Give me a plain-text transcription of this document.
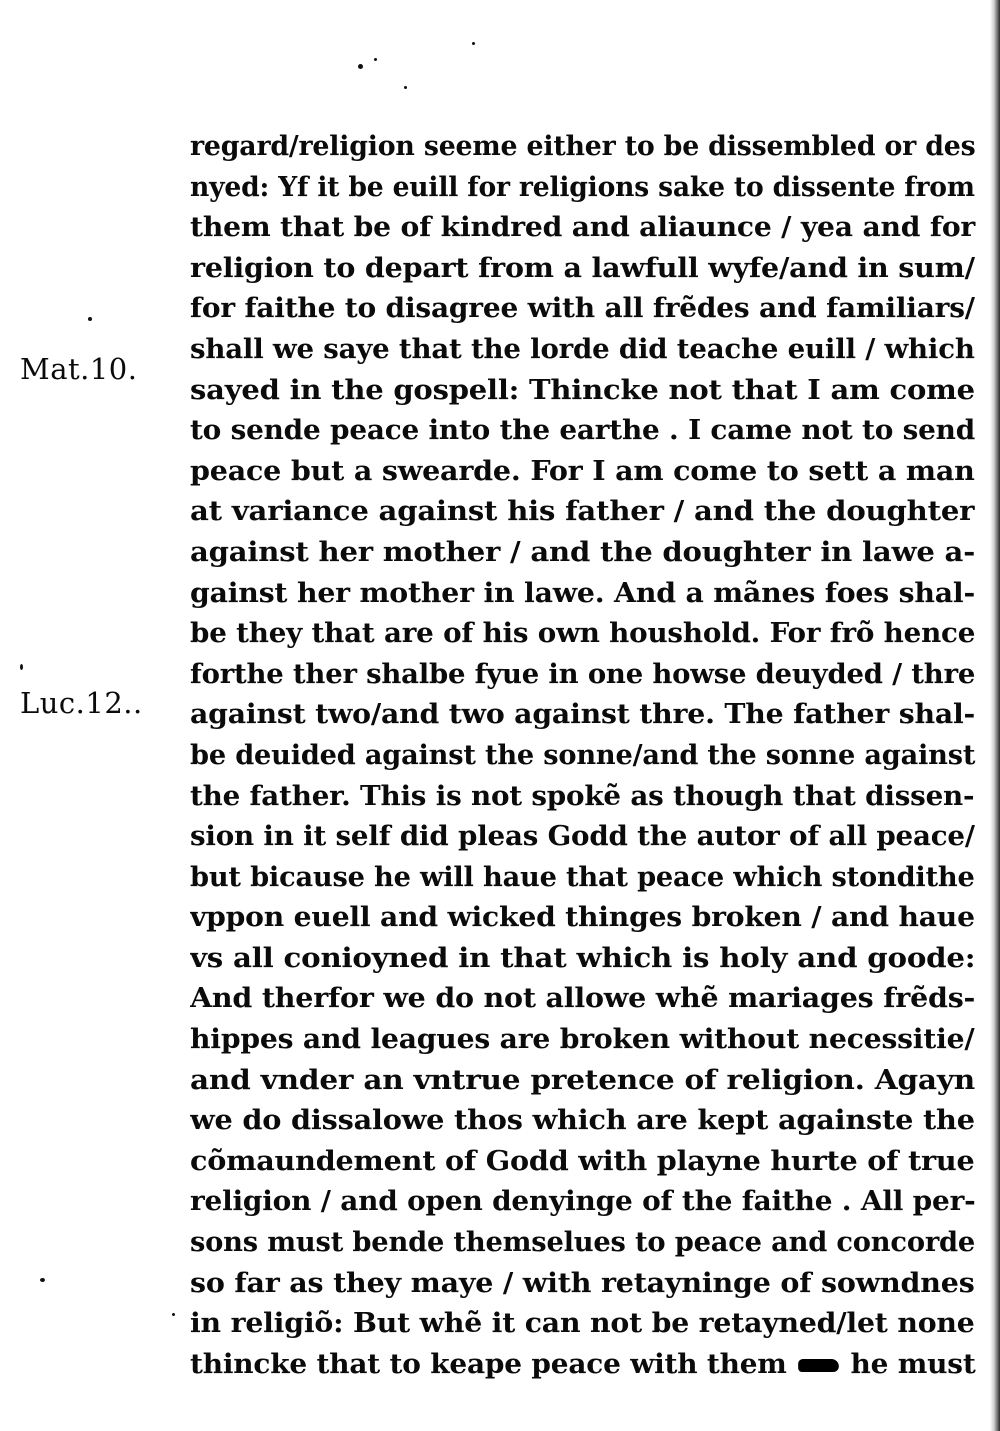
Mat.10.
Luc.12..
regard/religion seeme either to be dissembled or des
nyed: Yf it be euill for religions sake to dissente from
them that be of kindred and aliaunce / yea and for
religion to depart from a lawfull wyfe/and in sum/
for faithe to disagree with all frẽdes and familiars/
shall we saye that the lorde did teache euill / which
sayed in the gospell: Thincke not that I am come
to sende peace into the earthe . I came not to send
peace but a swearde. For I am come to sett a man
at variance against his father / and the doughter
against her mother / and the doughter in lawe a-
gainst her mother in lawe. And a mãnes foes shal-
be they that are of his own houshold. For frõ hence
forthe ther shalbe fyue in one howse deuyded / thre
against two/and two against thre. The father shal-
be deuided against the sonne/and the sonne against
the father. This is not spokẽ as though that dissen-
sion in it self did pleas Godd the autor of all peace/
but bicause he will haue that peace which stondithe
vppon euell and wicked thinges broken / and haue
vs all conioyned in that which is holy and goode:
And therfor we do not allowe whẽ mariages frẽds-
hippes and leagues are broken without necessitie/
and vnder an vntrue pretence of religion. Agayn
we do dissalowe thos which are kept againste the
cõmaundement of Godd with playne hurte of true
religion / and open denyinge of the faithe . All per-
sons must bende themselues to peace and concorde
so far as they maye / with retayninge of sowndnes
in religiõ: But whẽ it can not be retayned/let none
thincke that to keape peace with them he must
